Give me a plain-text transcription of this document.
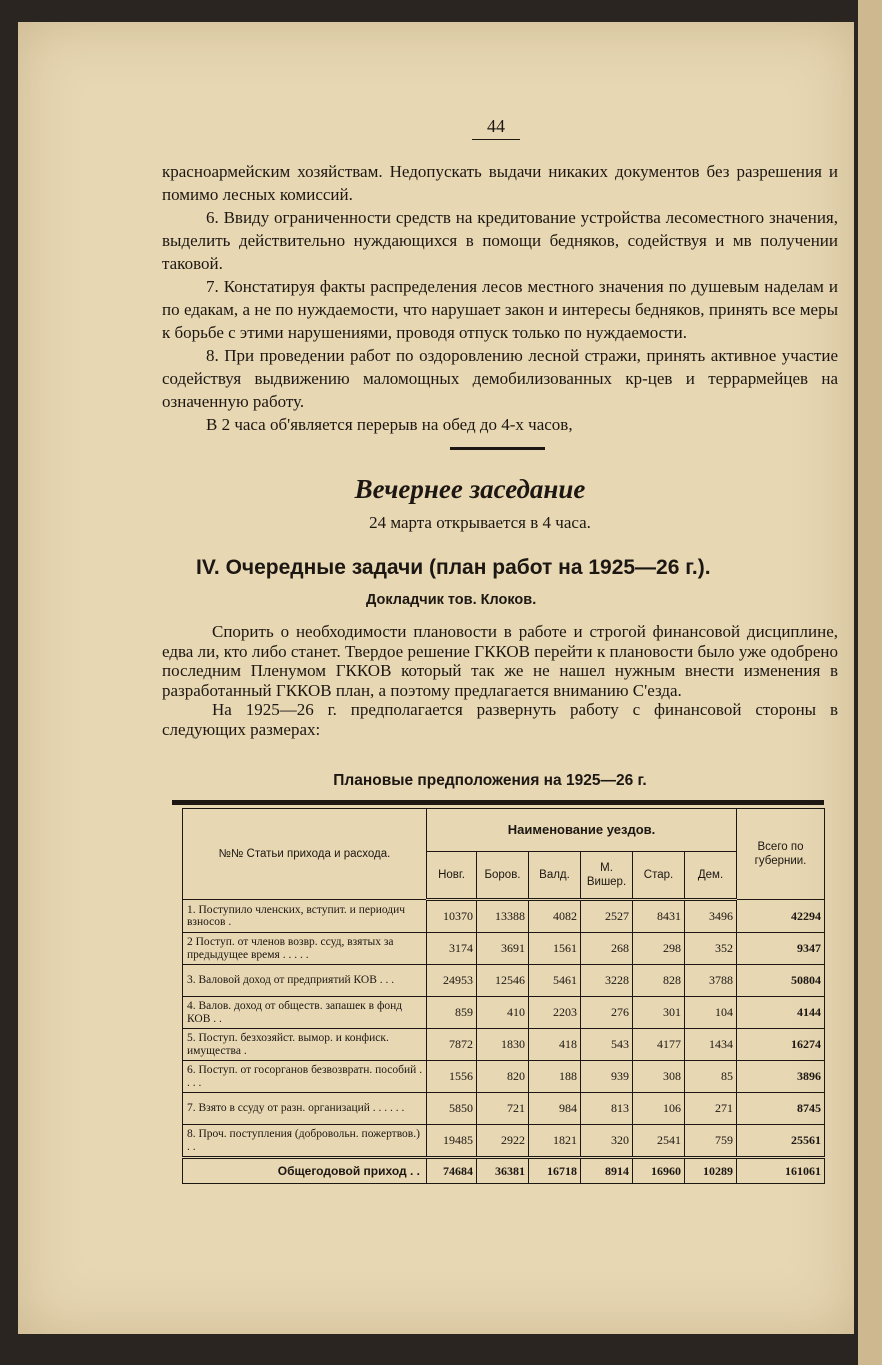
44

красноармейским хозяйствам. Недопускать выдачи никаких документов без разрешения и помимо лесных комиссий.

6. Ввиду ограниченности средств на кредитование устройства лесоместного значения, выделить действительно нуждающихся в помощи бедняков, содействуя и мв получении таковой.

7. Констатируя факты распределения лесов местного значения по душевым наделам и по едакам, а не по нуждаемости, что нарушает закон и интересы бедняков, принять все меры к борьбе с этими нарушениями, проводя отпуск только по нуждаемости.

8. При проведении работ по оздоровлению лесной стражи, принять активное участие содействуя выдвижению маломощных демобилизованных кр-цев и террармейцев на означенную работу.

В 2 часа об'является перерыв на обед до 4-х часов,

Вечернее заседание
24 марта открывается в 4 часа.
IV. Очередные задачи (план работ на 1925—26 г.).
Докладчик тов. Клоков.

Спорить о необходимости плановости в работе и строгой финансовой дисциплине, едва ли, кто либо станет. Твердое решение ГККОВ перейти к плановости было уже одобрено последним Пленумом ГККОВ который так же не нашел нужным внести изменения в разработанный ГККОВ план, а поэтому предлагается вниманию С'езда.

На 1925—26 г. предполагается развернуть работу с финансовой стороны в следующих размерах:

Плановые предположения на 1925—26 г.
№№ Статьи прихода и расхода.	Наименование уездов.						Всего по губернии.
	Новг.	Боров.	Валд.	М. Вишер.	Стар.	Дем.	
1. Поступило членских, вступит. и периодич взносов .	10370	13388	4082	2527	8431	3496	42294
2 Поступ. от членов возвр. ссуд, взятых за предыдущее время . . . . .	3174	3691	1561	268	298	352	9347
3. Валовой доход от предприятий КОВ . . .	24953	12546	5461	3228	828	3788	50804
4. Валов. доход от обществ. запашек в фонд КОВ . .	859	410	2203	276	301	104	4144
5. Поступ. безхозяйст. вымор. и конфиск. имущества .	7872	1830	418	543	4177	1434	16274
6. Поступ. от госорганов безвозвратн. пособий . . . .	1556	820	188	939	308	85	3896
7. Взято в ссуду от разн. организаций . . . . . .	5850	721	984	813	106	271	8745
8. Проч. поступления (добровольн. пожертвов.) . .	19485	2922	1821	320	2541	759	25561
Общегодовой приход . .	74684	36381	16718	8914	16960	10289	161061
